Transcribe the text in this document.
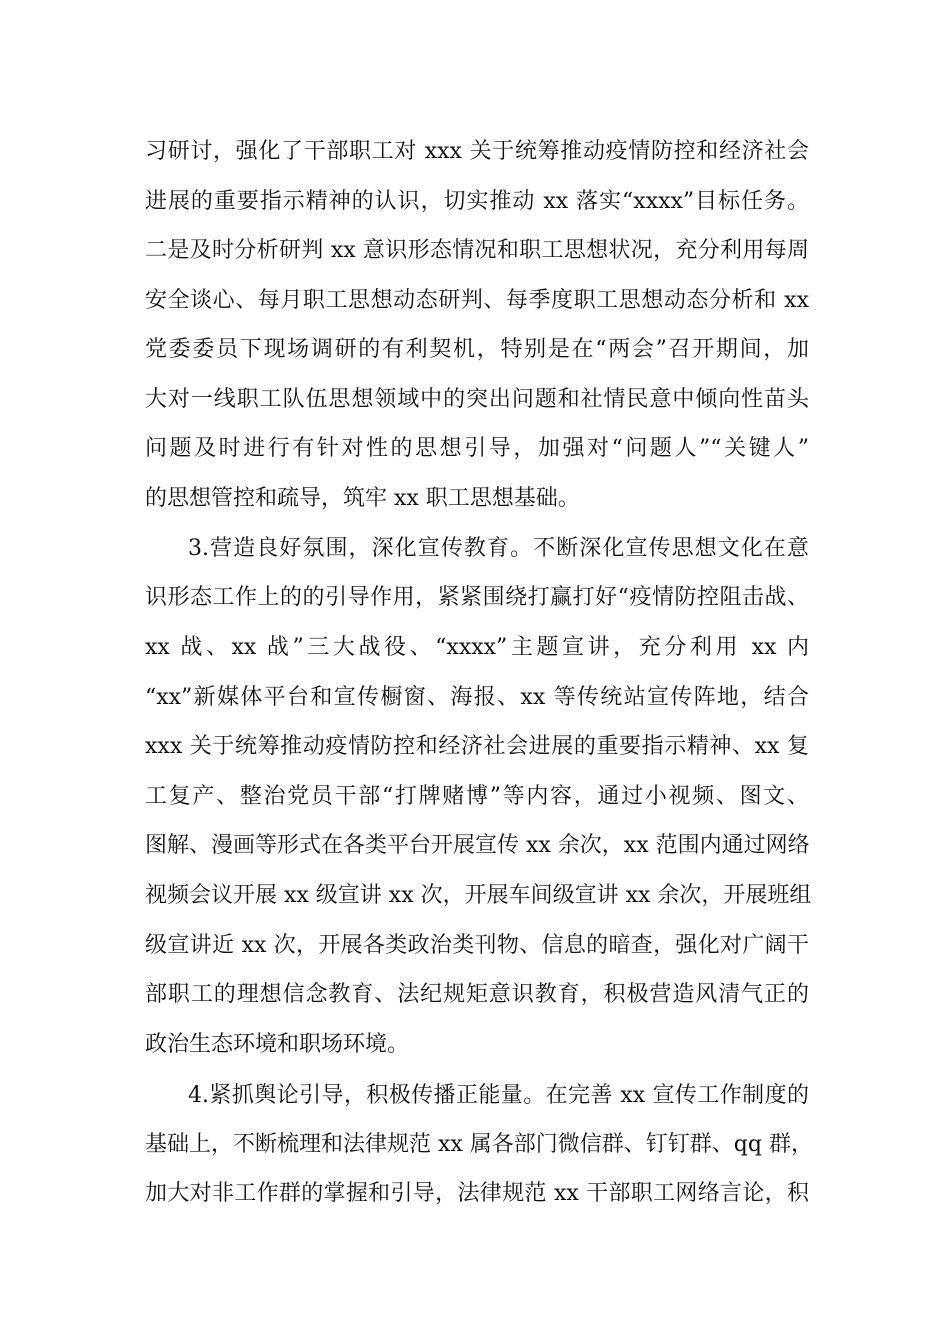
习研讨，强化了干部职工对 xxx 关于统筹推动疫情防控和经济社会
进展的重要指示精神的认识，切实推动 xx 落实“xxxx”目标任务。
二是及时分析研判 xx 意识形态情况和职工思想状况，充分利用每周
安全谈心、每月职工思想动态研判、每季度职工思想动态分析和 xx
党委委员下现场调研的有利契机，特别是在“两会”召开期间，加
大对一线职工队伍思想领域中的突出问题和社情民意中倾向性苗头
问题及时进行有针对性的思想引导，加强对“问题人”“关键人”
的思想管控和疏导，筑牢 xx 职工思想基础。
3.营造良好氛围，深化宣传教育。不断深化宣传思想文化在意
识形态工作上的的引导作用，紧紧围绕打赢打好“疫情防控阻击战、
xx 战、xx 战”三大战役、“xxxx”主题宣讲，充分利用 xx 内
“xx”新媒体平台和宣传橱窗、海报、xx 等传统站宣传阵地，结合
xxx 关于统筹推动疫情防控和经济社会进展的重要指示精神、xx 复
工复产、整治党员干部“打牌赌博”等内容，通过小视频、图文、
图解、漫画等形式在各类平台开展宣传 xx 余次，xx 范围内通过网络
视频会议开展 xx 级宣讲 xx 次，开展车间级宣讲 xx 余次，开展班组
级宣讲近 xx 次，开展各类政治类刊物、信息的暗查，强化对广阔干
部职工的理想信念教育、法纪规矩意识教育，积极营造风清气正的
政治生态环境和职场环境。
4.紧抓舆论引导，积极传播正能量。在完善 xx 宣传工作制度的
基础上，不断梳理和法律规范 xx 属各部门微信群、钉钉群、qq 群，
加大对非工作群的掌握和引导，法律规范 xx 干部职工网络言论，积
